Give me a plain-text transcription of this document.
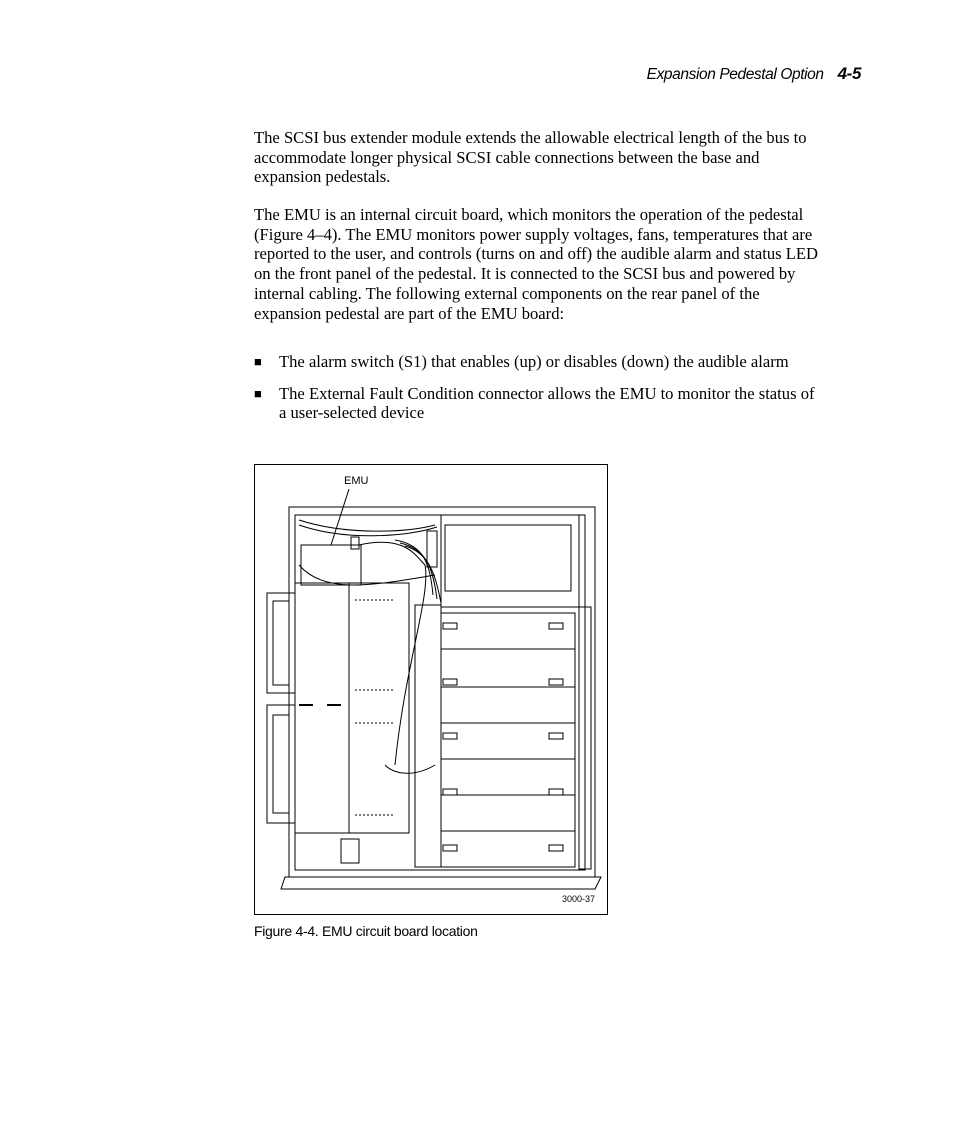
Expansion Pedestal Option 4-5
The SCSI bus extender module extends the allowable electrical length of the bus to accommodate longer physical SCSI cable connections between the base and expansion pedestals.
The EMU is an internal circuit board, which monitors the operation of the pedestal (Figure 4–4). The EMU monitors power supply voltages, fans, temperatures that are reported to the user, and controls (turns on and off) the audible alarm and status LED on the front panel of the pedestal. It is connected to the SCSI bus and powered by internal cabling. The following external components on the rear panel of the expansion pedestal are part of the EMU board:
■ The alarm switch (S1) that enables (up) or disables (down) the audible alarm
■ The External Fault Condition connector allows the EMU to monitor the status of a user-selected device
EMU
3000-37
Figure 4-4. EMU circuit board location
